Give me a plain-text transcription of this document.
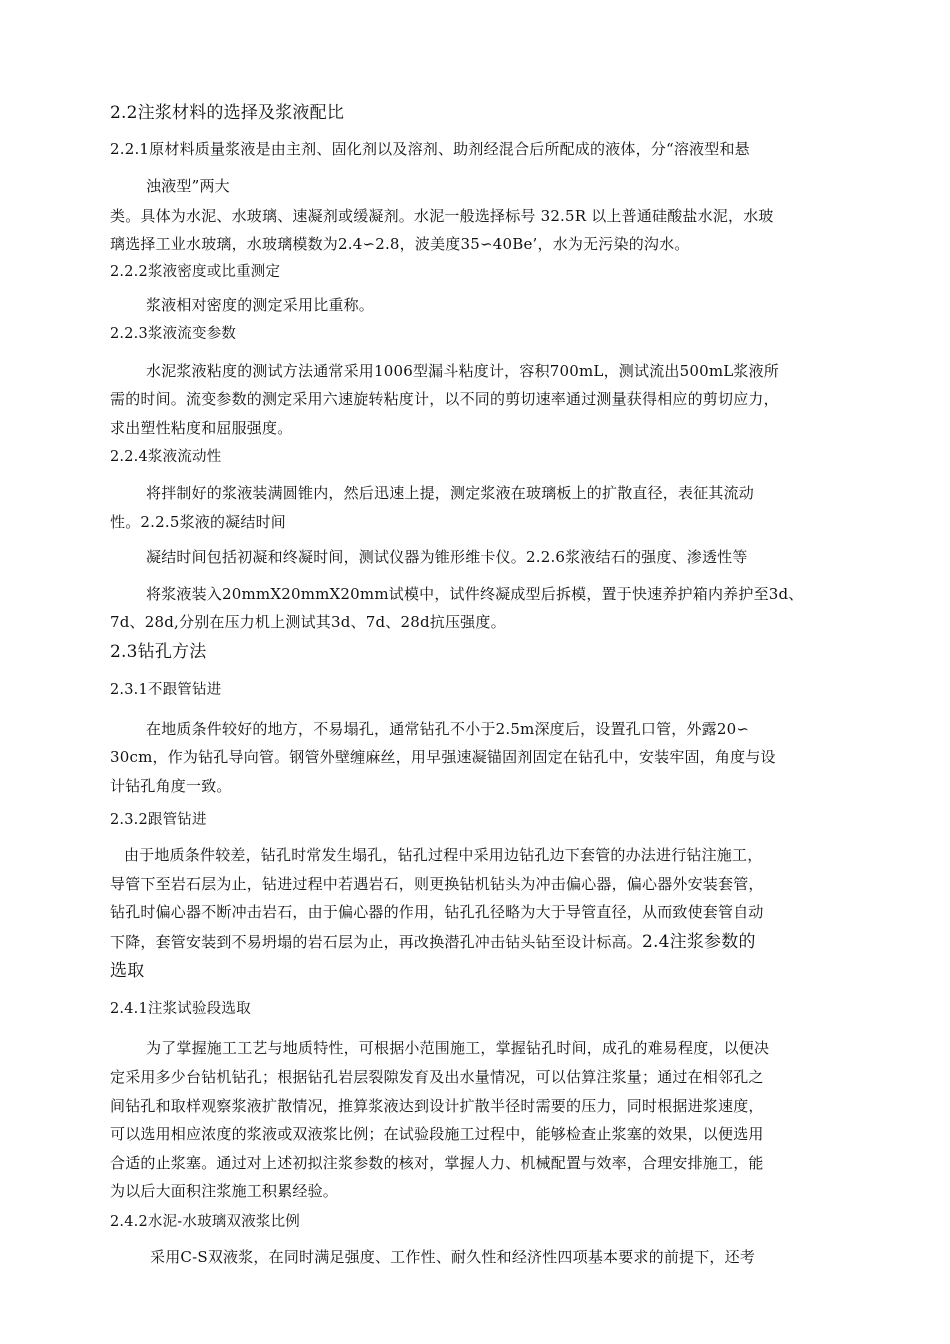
2.2注浆材料的选择及浆液配比
2.2.1原材料质量浆液是由主剂、固化剂以及溶剂、助剂经混合后所配成的液体，分“溶液型和悬
浊液型”两大
类。具体为水泥、水玻璃、速凝剂或缓凝剂。水泥一般选择标号 32.5R 以上普通硅酸盐水泥，水玻
璃选择工业水玻璃，水玻璃模数为2.4∽2.8，波美度35∽40Be’，水为无污染的沟水。
2.2.2浆液密度或比重测定
浆液相对密度的测定采用比重称。
2.2.3浆液流变参数
水泥浆液粘度的测试方法通常采用1006型漏斗粘度计，容积700mL，测试流出500mL浆液所
需的时间。流变参数的测定采用六速旋转粘度计，以不同的剪切速率通过测量获得相应的剪切应力，
求出塑性粘度和屈服强度。
2.2.4浆液流动性
将拌制好的浆液装满圆锥内，然后迅速上提，测定浆液在玻璃板上的扩散直径，表征其流动
性。2.2.5浆液的凝结时间
凝结时间包括初凝和终凝时间，测试仪器为锥形维卡仪。2.2.6浆液结石的强度、渗透性等
将浆液装入20mmX20mmX20mm试模中，试件终凝成型后拆模，置于快速养护箱内养护至3d、
7d、28d,分别在压力机上测试其3d、7d、28d抗压强度。
2.3钻孔方法
2.3.1不跟管钻进
在地质条件较好的地方，不易塌孔，通常钻孔不小于2.5m深度后，设置孔口管，外露20∽
30cm，作为钻孔导向管。钢管外壁缠麻丝，用早强速凝锚固剂固定在钻孔中，安装牢固，角度与设
计钻孔角度一致。
2.3.2跟管钻进
由于地质条件较差，钻孔时常发生塌孔，钻孔过程中采用边钻孔边下套管的办法进行钻注施工，
导管下至岩石层为止，钻进过程中若遇岩石，则更换钻机钻头为冲击偏心器，偏心器外安装套管，
钻孔时偏心器不断冲击岩石，由于偏心器的作用，钻孔孔径略为大于导管直径，从而致使套管自动
下降，套管安装到不易坍塌的岩石层为止，再改换潜孔冲击钻头钻至设计标高。2.4注浆参数的
选取
2.4.1注浆试验段选取
为了掌握施工工艺与地质特性，可根据小范围施工，掌握钻孔时间，成孔的难易程度，以便决
定采用多少台钻机钻孔；根据钻孔岩层裂隙发育及出水量情况，可以估算注浆量；通过在相邻孔之
间钻孔和取样观察浆液扩散情况，推算浆液达到设计扩散半径时需要的压力，同时根据进浆速度，
可以选用相应浓度的浆液或双液浆比例；在试验段施工过程中，能够检查止浆塞的效果，以便选用
合适的止浆塞。通过对上述初拟注浆参数的核对，掌握人力、机械配置与效率，合理安排施工，能
为以后大面积注浆施工积累经验。
2.4.2水泥-水玻璃双液浆比例
采用C-S双液浆，在同时满足强度、工作性、耐久性和经济性四项基本要求的前提下，还考
